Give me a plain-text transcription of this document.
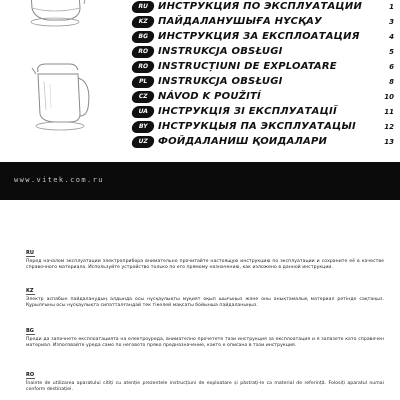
RU ИНСТРУКЦИЯ ПО ЭКСПЛУАТАЦИИ	1
KZ ПАЙДАЛАНУШЫҒА НҰСҚАУ	3
BG ИНСТРУКЦИЯ ЗА ЕКСПЛОАТАЦИЯ	4
RO INSTRUKCJA OBSŁUGI	5
RO INSTRUCȚIUNI DE EXPLOATARE	6
PL	INSTRUKCJA OBSŁUGI	8
CZ NÁVOD K POUŽITÍ	10
UA ІНСТРУКЦІЯ ЗІ ЕКСПЛУАТАЦІЇ	11
BY ІНСТРУКЦЫЯ ПА ЭКСПЛУАТАЦЫІ	12
UZ ФОЙДАЛАНИШ ҚОИДАЛАРИ	13
www.vitek.com.ru
RU

Перед началом эксплуатации электроприбора внимательно прочитайте настоящую инструкцию по эксплуатации и сохраните её в качестве справочного материала. Используйте устройство только по его прямому назначению, как изложено в данной инструкции.

KZ

Электр аспабын пайдаланудың алдында осы нұсқаулықты мұқият оқып шығыңыз және оны анықтамалық материал ретінде сақтаңыз. Құрылғыны осы нұсқаулықта сипатталғандай тек тікелей мақсаты бойынша пайдаланыңыз.

BG

Преди да започнете експлоатацията на електроуреда, внимателно прочетете тази инструкция за експлоатация и я запазете като справочен материал. Използвайте уреда само по неговото пряко предназначение, както е описано в тази инструкция.

RO

Înainte de utilizarea aparatului citiți cu atenție prezentele instrucțiuni de exploatare și păstrați-le ca material de referință. Folosiți aparatul numai conform destinației.
